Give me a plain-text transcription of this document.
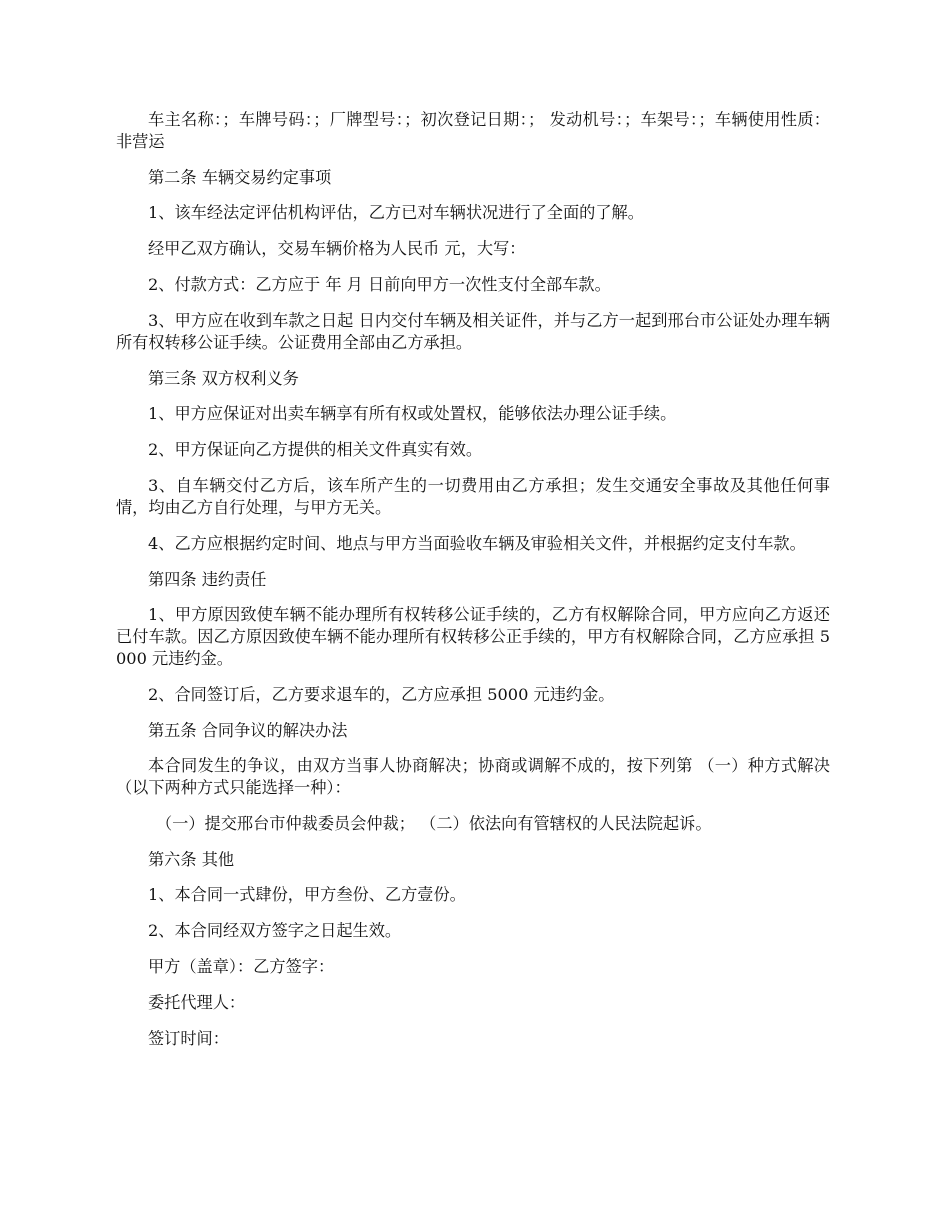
车主名称：；车牌号码：；厂牌型号：；初次登记日期：； 发动机号：；车架号：；车辆使用性质：非营运

第二条 车辆交易约定事项

1、该车经法定评估机构评估，乙方已对车辆状况进行了全面的了解。

经甲乙双方确认，交易车辆价格为人民币 元，大写：

2、付款方式：乙方应于 年 月 日前向甲方一次性支付全部车款。

3、甲方应在收到车款之日起 日内交付车辆及相关证件，并与乙方一起到邢台市公证处办理车辆所有权转移公证手续。公证费用全部由乙方承担。

第三条 双方权利义务

1、甲方应保证对出卖车辆享有所有权或处置权，能够依法办理公证手续。

2、甲方保证向乙方提供的相关文件真实有效。

3、自车辆交付乙方后，该车所产生的一切费用由乙方承担；发生交通安全事故及其他任何事情，均由乙方自行处理，与甲方无关。

4、乙方应根据约定时间、地点与甲方当面验收车辆及审验相关文件，并根据约定支付车款。

第四条 违约责任

1、甲方原因致使车辆不能办理所有权转移公证手续的，乙方有权解除合同，甲方应向乙方返还已付车款。因乙方原因致使车辆不能办理所有权转移公正手续的，甲方有权解除合同，乙方应承担 5000 元违约金。

2、合同签订后，乙方要求退车的，乙方应承担 5000 元违约金。

第五条 合同争议的解决办法

本合同发生的争议，由双方当事人协商解决；协商或调解不成的，按下列第 （一）种方式解决（以下两种方式只能选择一种）：

（一）提交邢台市仲裁委员会仲裁； （二）依法向有管辖权的人民法院起诉。

第六条 其他

1、本合同一式肆份，甲方叁份、乙方壹份。

2、本合同经双方签字之日起生效。

甲方（盖章）：乙方签字：

委托代理人：

签订时间：
